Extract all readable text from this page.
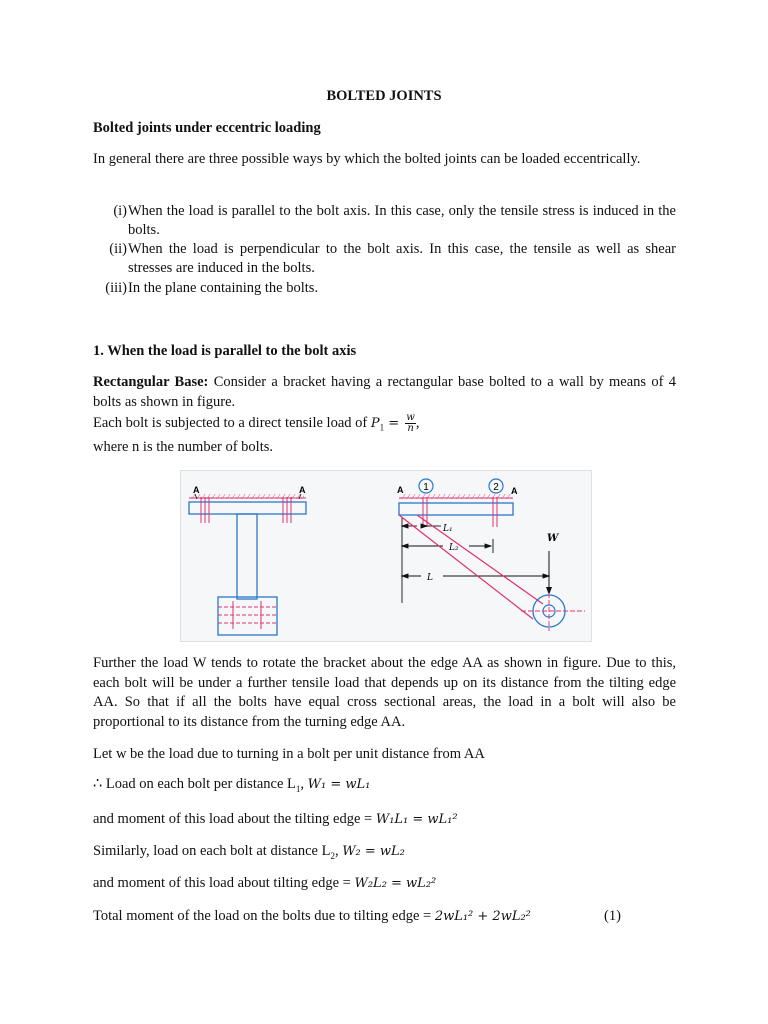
BOLTED JOINTS
Bolted joints under eccentric loading
In general there are three possible ways by which the bolted joints can be loaded eccentrically.
(i) When the load is parallel to the bolt axis. In this case, only the tensile stress is induced in the bolts.
(ii) When the load is perpendicular to the bolt axis. In this case, the tensile as well as shear stresses are induced in the bolts.
(iii) In the plane containing the bolts.
1. When the load is parallel to the bolt axis
Rectangular Base: Consider a bracket having a rectangular base bolted to a wall by means of 4 bolts as shown in figure.
Each bolt is subjected to a direct tensile load of $P_1 = \frac{w}{n}$ ,
where n is the number of bolts.
A	A	1	2
A	A
L₁
L₂
L
W
Further the load W tends to rotate the bracket about the edge AA as shown in figure. Due to this, each bolt will be under a further tensile load that depends up on its distance from the tilting edge AA. So that if all the bolts have equal cross sectional areas, the load in a bolt will also be proportional to its distance from the turning edge AA.
Let w be the load due to turning in a bolt per unit distance from AA
∴ Load on each bolt per distance $L_1$, W₁ = wL₁
and moment of this load about the tilting edge = W₁L₁ = wL₁²
Similarly, load on each bolt at distance $L_2$, W₂ = wL₂
and moment of this load about tilting edge = W₂L₂ = wL₂²
Total moment of the load on the bolts due to tilting edge = 2wL₁² + 2wL₂²	(1)
